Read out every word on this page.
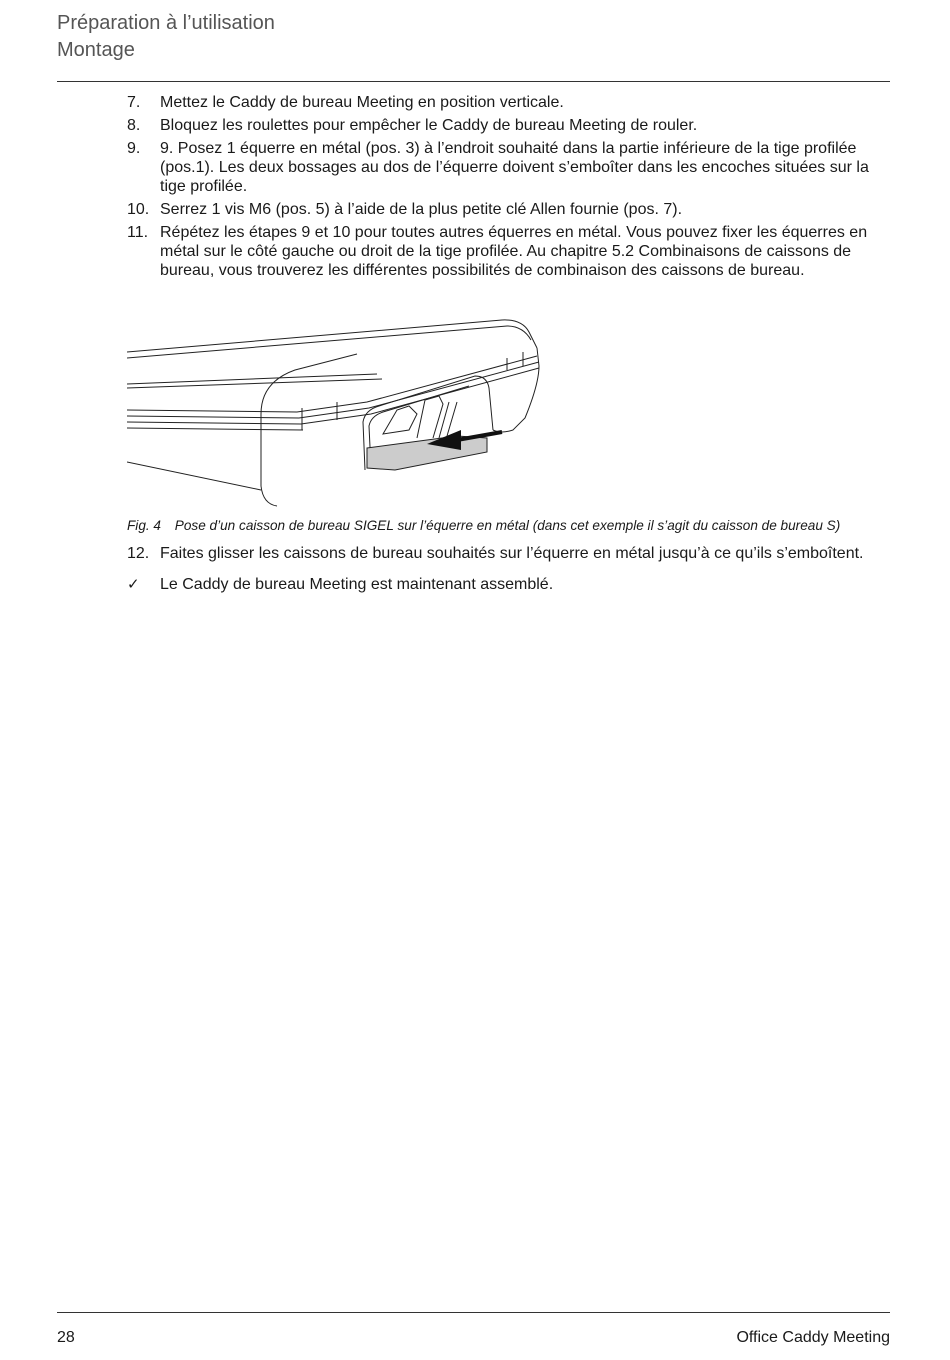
Préparation à l’utilisation
Montage
7.	Mettez le Caddy de bureau Meeting en position verticale.
8.	Bloquez les roulettes pour empêcher le Caddy de bureau Meeting de rouler.
9.	9. Posez 1 équerre en métal (pos. 3) à l’endroit souhaité dans la partie inférieure de la tige profilée (pos.1). Les deux bossages au dos de l’équerre doivent s’emboîter dans les encoches situées sur la tige profilée.
10. Serrez 1 vis M6 (pos. 5) à l’aide de la plus petite clé Allen fournie (pos. 7).
11. Répétez les étapes 9 et 10 pour toutes autres équerres en métal. Vous pouvez fixer les équerres en métal sur le côté gauche ou droit de la tige profilée. Au chapitre 5.2 Combinaisons de caissons de bureau, vous trouverez les différentes possibilités de combinaison des caissons de bureau.
Fig. 4 Pose d’un caisson de bureau SIGEL sur l’équerre en métal (dans cet exemple il s’agit du caisson de bureau S)
12. Faites glisser les caissons de bureau souhaités sur l’équerre en métal jusqu’à ce qu’ils s’emboîtent.
✓	Le Caddy de bureau Meeting est maintenant assemblé.
28	Office Caddy Meeting
